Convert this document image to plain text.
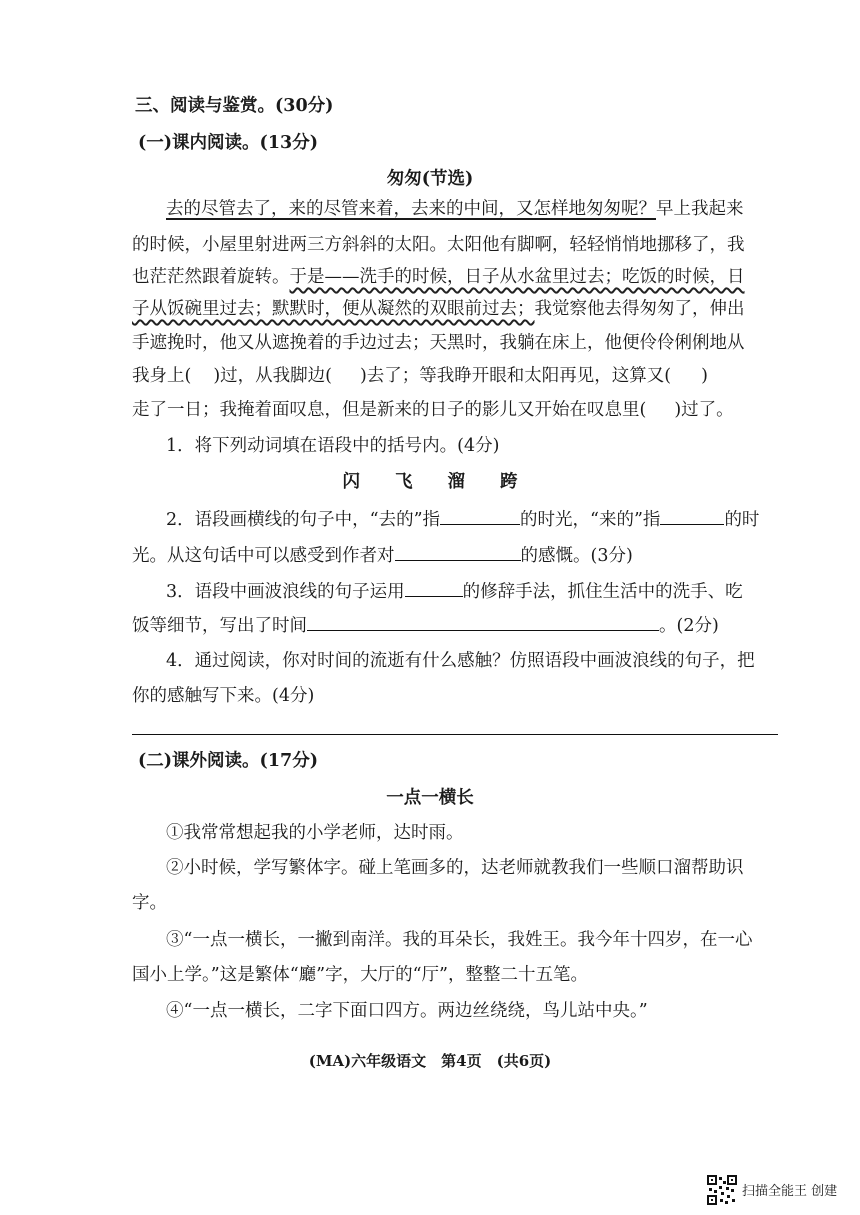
三、阅读与鉴赏。(30分)
(一)课内阅读。(13分)
匆匆(节选)
去的尽管去了，来的尽管来着，去来的中间，又怎样地匆匆呢？早上我起来
的时候，小屋里射进两三方斜斜的太阳。太阳他有脚啊，轻轻悄悄地挪移了，我
也茫茫然跟着旋转。于是——洗手的时候，日子从水盆里过去；吃饭的时候，日
子从饭碗里过去；默默时，便从凝然的双眼前过去；我觉察他去得匆匆了，伸出
手遮挽时，他又从遮挽着的手边过去；天黑时，我躺在床上，他便伶伶俐俐地从
我身上( )过，从我脚边( )去了；等我睁开眼和太阳再见，这算又( )
走了一日；我掩着面叹息，但是新来的日子的影儿又开始在叹息里( )过了。
1．将下列动词填在语段中的括号内。(4分)
闪　　飞　　溜　　跨
2．语段画横线的句子中，“去的”指	的时光，“来的”指	的时
光。从这句话中可以感受到作者对	的感慨。(3分)
3．语段中画波浪线的句子运用	的修辞手法，抓住生活中的洗手、吃
饭等细节，写出了时间	。(2分)
4．通过阅读，你对时间的流逝有什么感触？仿照语段中画波浪线的句子，把
你的感触写下来。(4分)
(二)课外阅读。(17分)
一点一横长
①我常常想起我的小学老师，达时雨。
②小时候，学写繁体字。碰上笔画多的，达老师就教我们一些顺口溜帮助识
字。
③“一点一横长，一撇到南洋。我的耳朵长，我姓王。我今年十四岁，在一心
国小上学。”这是繁体“廳”字，大厅的“厅”，整整二十五笔。
④“一点一横长，二字下面口四方。两边丝绕绕，鸟儿站中央。”
(MA)六年级语文　第4页　(共6页)
扫描全能王 创建
